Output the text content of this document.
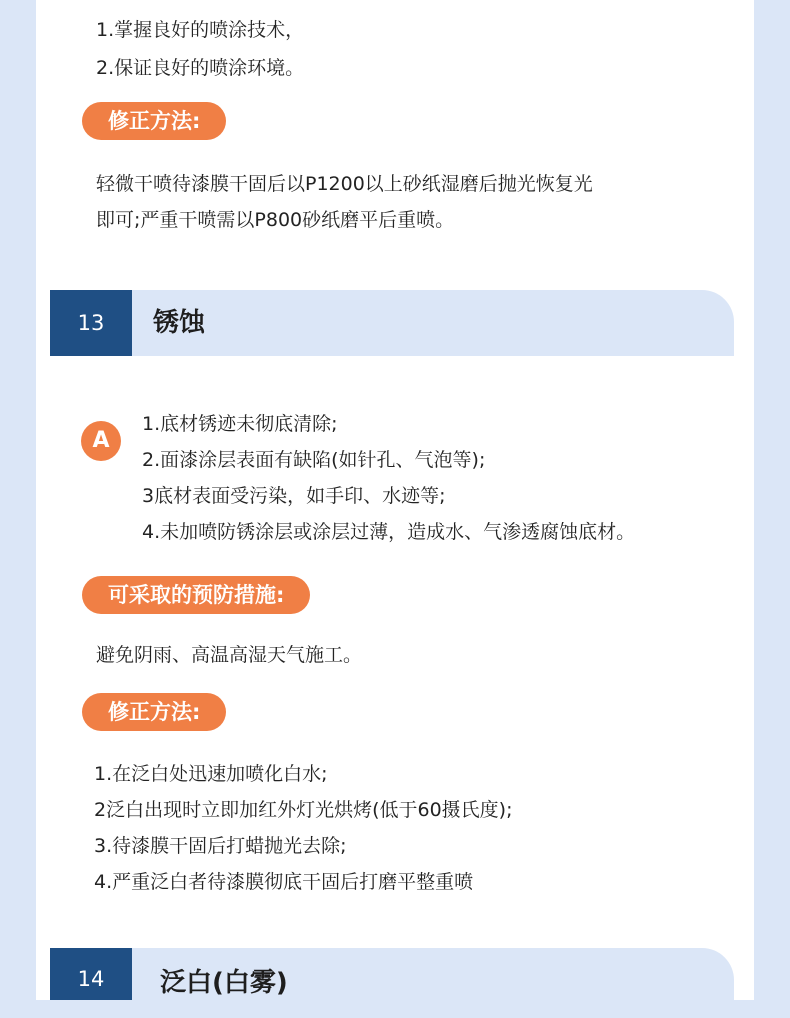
1.掌握良好的喷涂技术，
2.保证良好的喷涂环境。
修正方法:
轻微干喷待漆膜干固后以P1200以上砂纸湿磨后抛光恢复光
即可;严重干喷需以P800砂纸磨平后重喷。
13	锈蚀
A
1.底材锈迹未彻底清除;
2.面漆涂层表面有缺陷(如针孔、气泡等);
3底材表面受污染，如手印、水迹等;
4.未加喷防锈涂层或涂层过薄，造成水、气渗透腐蚀底材。
可采取的预防措施:
避免阴雨、高温高湿天气施工。
修正方法:
1.在泛白处迅速加喷化白水;
2泛白出现时立即加红外灯光烘烤(低于60摄氏度);
3.待漆膜干固后打蜡抛光去除;
4.严重泛白者待漆膜彻底干固后打磨平整重喷
14	泛白(白雾)
